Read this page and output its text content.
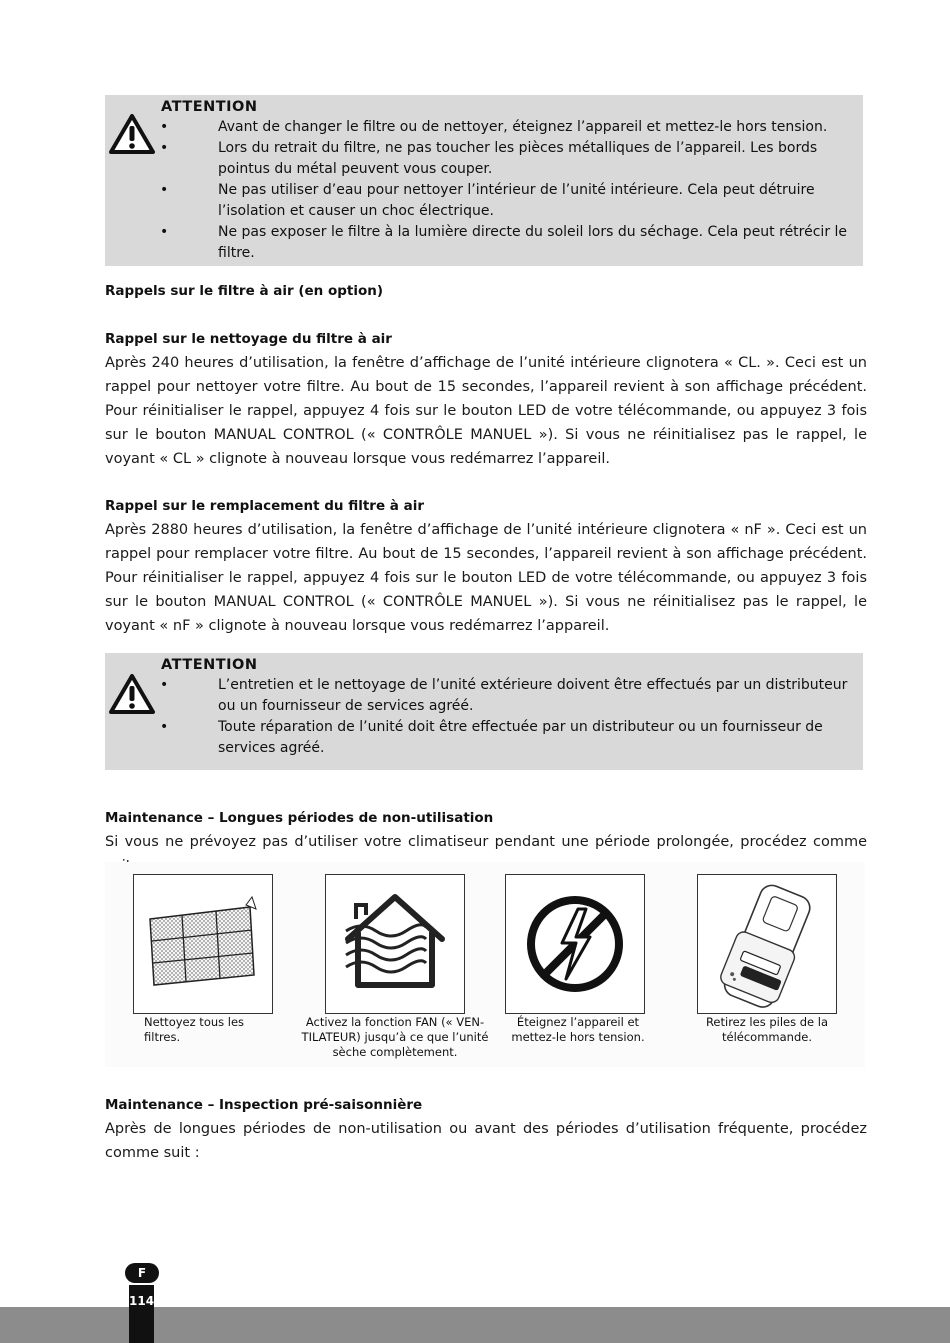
ATTENTION
•	Avant de changer le filtre ou de nettoyer, éteignez l’appareil et mettez-le hors tension.
•	Lors du retrait du filtre, ne pas toucher les pièces métalliques de l’appareil. Les bords pointus du métal peuvent vous couper.
•	Ne pas utiliser d’eau pour nettoyer l’intérieur de l’unité intérieure. Cela peut détruire l’isolation et causer un choc électrique.
•	Ne pas exposer le filtre à la lumière directe du soleil lors du séchage. Cela peut rétrécir le filtre.
Rappels sur le filtre à air (en option)
Rappel sur le nettoyage du filtre à air

Après 240 heures d’utilisation, la fenêtre d’affichage de l’unité intérieure clignotera « CL. ». Ceci est un rappel pour nettoyer votre filtre. Au bout de 15 secondes, l’appareil revient à son affichage précédent. Pour réinitialiser le rappel, appuyez 4 fois sur le bouton LED de votre télécommande, ou appuyez 3 fois sur le bouton MANUAL CONTROL (« CONTRÔLE MANUEL »). Si vous ne réinitialisez pas le rappel, le voyant « CL » clignote à nouveau lorsque vous redémarrez l’appareil.

Rappel sur le remplacement du filtre à air

Après 2880 heures d’utilisation, la fenêtre d’affichage de l’unité intérieure clignotera « nF ». Ceci est un rappel pour remplacer votre filtre. Au bout de 15 secondes, l’appareil revient à son affichage précédent. Pour réinitialiser le rappel, appuyez 4 fois sur le bouton LED de votre télécommande, ou appuyez 3 fois sur le bouton MANUAL CONTROL (« CONTRÔLE MANUEL »). Si vous ne réinitialisez pas le rappel, le voyant « nF » clignote à nouveau lorsque vous redémarrez l’appareil.

ATTENTION
•	L’entretien et le nettoyage de l’unité extérieure doivent être effectués par un distributeur ou un fournisseur de services agréé.
•	Toute réparation de l’unité doit être effectuée par un distributeur ou un fournisseur de services agréé.
Maintenance – Longues périodes de non-utilisation

Si vous ne prévoyez pas d’utiliser votre climatiseur pendant une période prolongée, procédez comme

Nettoyez tous les filtres.
Activez la fonction FAN (« VEN-TILATEUR) jusqu’à ce que l’unité sèche complètement.
Éteignez l’appareil et mettez-le hors tension.
Retirez les piles de la télécommande.
Maintenance – Inspection pré-saisonnière

Après de longues périodes de non-utilisation ou avant des périodes d’utilisation fréquente, procédez comme suit :

114
F
